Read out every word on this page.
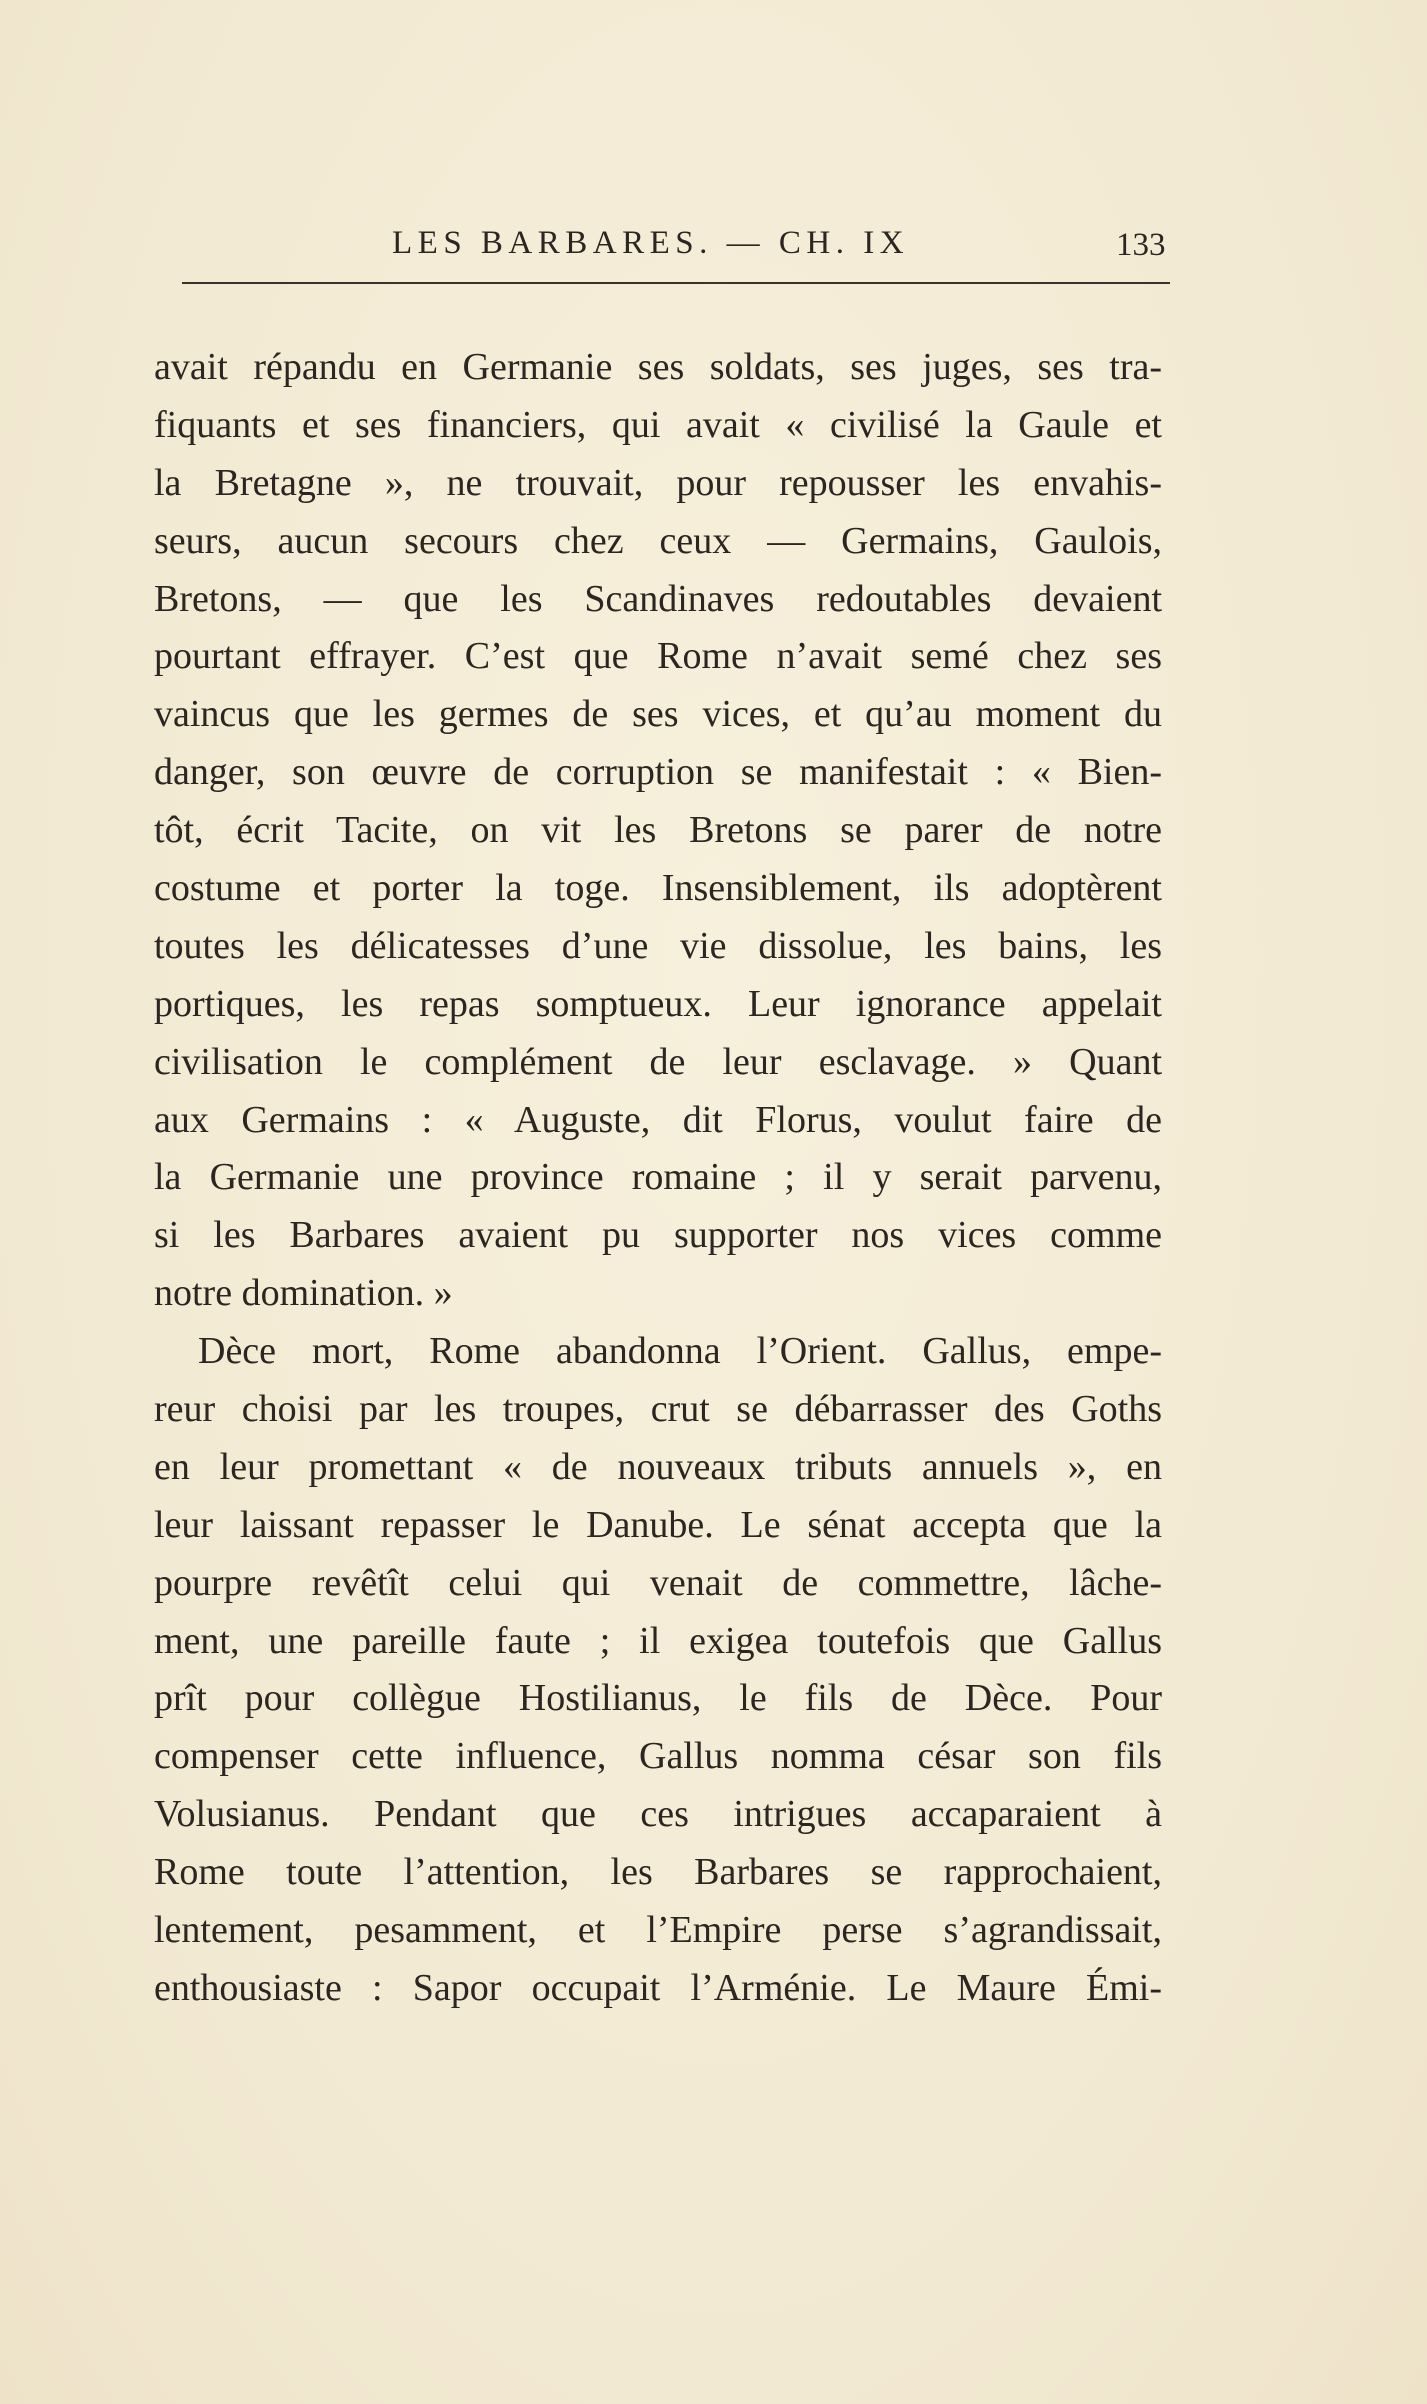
LES BARBARES. — CH. IX	133
avait répandu en Germanie ses soldats, ses juges, ses tra-
fiquants et ses financiers, qui avait « civilisé la Gaule et
la Bretagne », ne trouvait, pour repousser les envahis-
seurs, aucun secours chez ceux — Germains, Gaulois,
Bretons, — que les Scandinaves redoutables devaient
pourtant effrayer. C’est que Rome n’avait semé chez ses
vaincus que les germes de ses vices, et qu’au moment du
danger, son œuvre de corruption se manifestait : « Bien-
tôt, écrit Tacite, on vit les Bretons se parer de notre
costume et porter la toge. Insensiblement, ils adoptèrent
toutes les délicatesses d’une vie dissolue, les bains, les
portiques, les repas somptueux. Leur ignorance appelait
civilisation le complément de leur esclavage. » Quant
aux Germains : « Auguste, dit Florus, voulut faire de
la Germanie une province romaine ; il y serait parvenu,
si les Barbares avaient pu supporter nos vices comme
notre domination. »
Dèce mort, Rome abandonna l’Orient. Gallus, empe-
reur choisi par les troupes, crut se débarrasser des Goths
en leur promettant « de nouveaux tributs annuels », en
leur laissant repasser le Danube. Le sénat accepta que la
pourpre revêtît celui qui venait de commettre, lâche-
ment, une pareille faute ; il exigea toutefois que Gallus
prît pour collègue Hostilianus, le fils de Dèce. Pour
compenser cette influence, Gallus nomma césar son fils
Volusianus. Pendant que ces intrigues accaparaient à
Rome toute l’attention, les Barbares se rapprochaient,
lentement, pesamment, et l’Empire perse s’agrandissait,
enthousiaste : Sapor occupait l’Arménie. Le Maure Émi-
